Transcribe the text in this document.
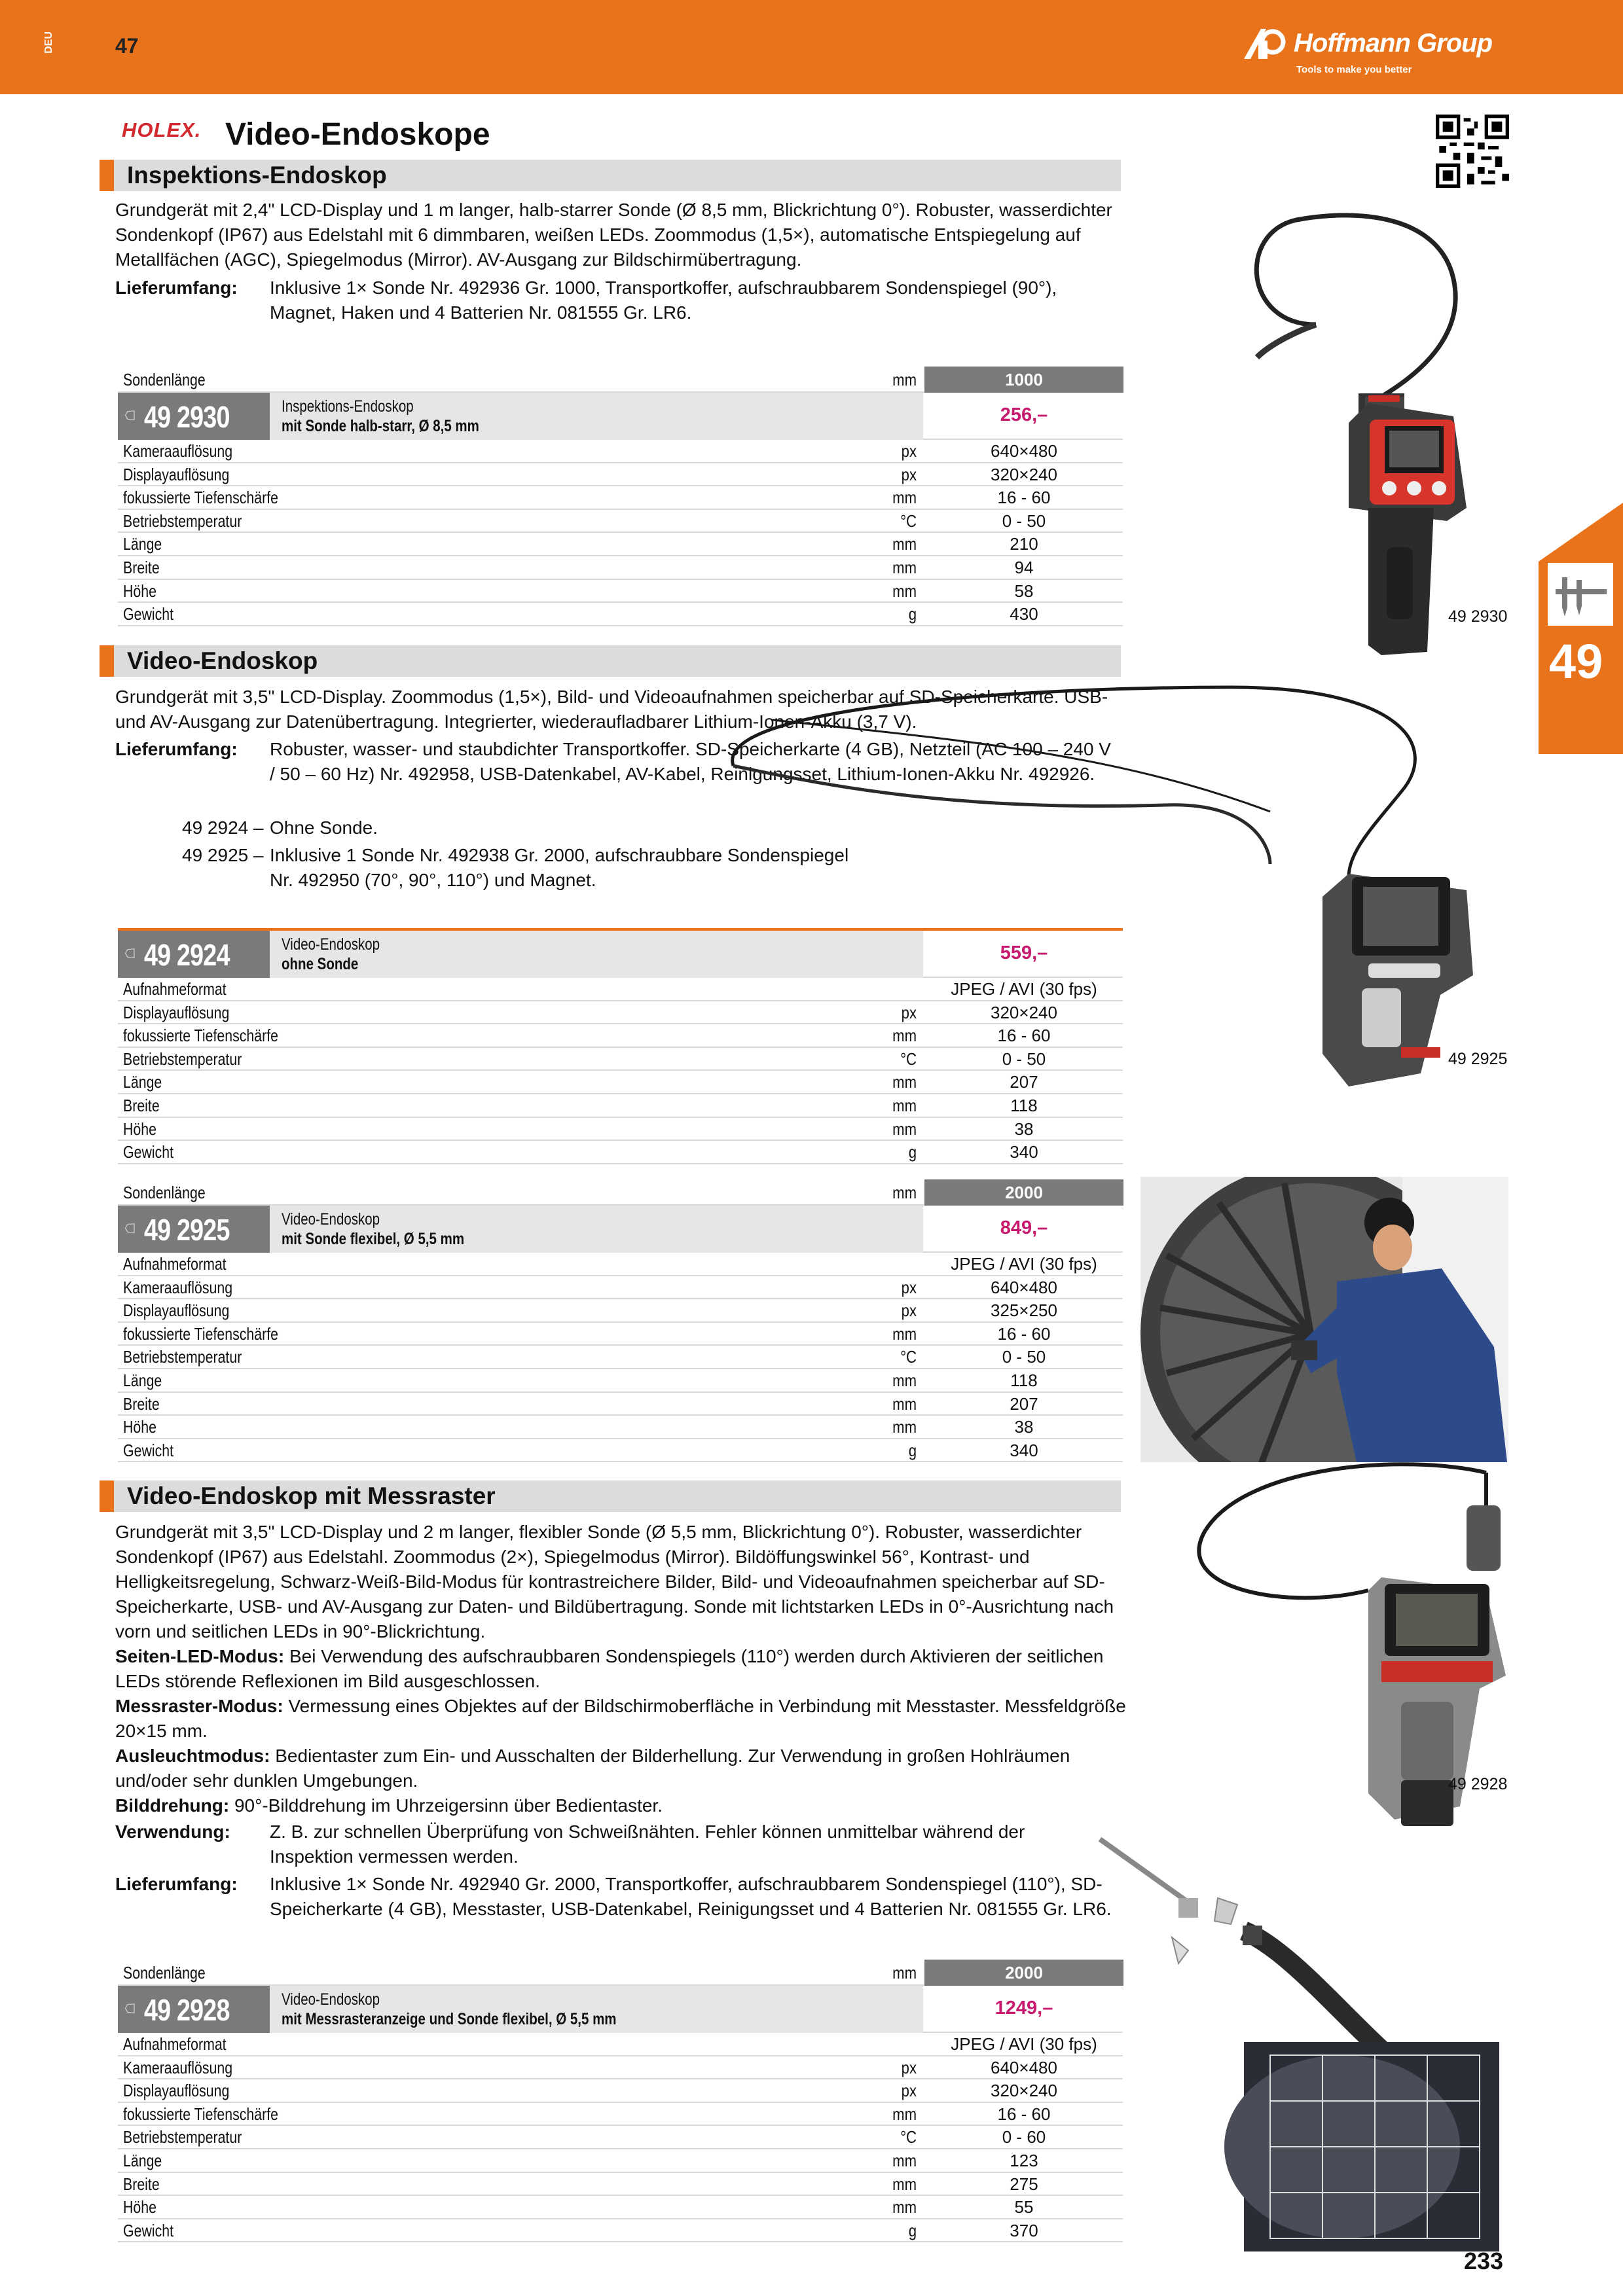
DEU	47	Hoffmann Group
Tools to make you better
HOLEX. Video-Endoskope
Inspektions-Endoskop
Grundgerät mit 2,4" LCD-Display und 1 m langer, halb-starrer Sonde (Ø 8,5 mm, Blickrichtung 0°). Robuster, wasserdichter Sondenkopf (IP67) aus Edelstahl mit 6 dimmbaren, weißen LEDs. Zoommodus (1,5×), automatische Entspiegelung auf Metallfächen (AGC), Spiegelmodus (Mirror). AV-Ausgang zur Bildschirmübertragung.
Lieferumfang: Inklusive 1× Sonde Nr. 492936 Gr. 1000, Transportkoffer, aufschraubbarem Sondenspiegel (90°), Magnet, Haken und 4 Batterien Nr. 081555 Gr. LR6.
Sondenlänge	mm	1000
☖ 49 2930	Inspektions-Endoskop
mit Sonde halb-starr, Ø 8,5 mm
256,–
Kameraauflösung	px	640×480
Displayauflösung	px	320×240
fokussierte Tiefenschärfe	mm	16 - 60
Betriebstemperatur	°C	0 - 50
Länge	mm	210
Breite	mm	94
Höhe	mm	58
Gewicht	g	430
Video-Endoskop
Grundgerät mit 3,5" LCD-Display. Zoommodus (1,5×), Bild- und Videoaufnahmen speicherbar auf SD-Speicherkarte. USB- und AV-Ausgang zur Datenübertragung. Integrierter, wiederaufladbarer Lithium-Ionen-Akku (3,7 V).
Lieferumfang: Robuster, wasser- und staubdichter Transportkoffer. SD-Speicherkarte (4 GB), Netzteil (AC 100 – 240 V / 50 – 60 Hz) Nr. 492958, USB-Datenkabel, AV-Kabel, Reinigungsset, Lithium-Ionen-Akku Nr. 492926.
49 2924 – Ohne Sonde.
49 2925 – Inklusive 1 Sonde Nr. 492938 Gr. 2000, aufschraubbare Sondenspiegel Nr. 492950 (70°, 90°, 110°) und Magnet.
☖ 49 2924	Video-Endoskop
ohne Sonde
559,–
Aufnahmeformat	JPEG / AVI (30 fps)
Displayauflösung	px	320×240
fokussierte Tiefenschärfe	mm	16 - 60
Betriebstemperatur	°C	0 - 50
Länge	mm	207
Breite	mm	118
Höhe	mm	38
Gewicht	g	340
Sondenlänge	mm	2000
☖ 49 2925	Video-Endoskop
mit Sonde flexibel, Ø 5,5 mm
849,–
Aufnahmeformat	JPEG / AVI (30 fps)
Kameraauflösung	px	640×480
Displayauflösung	px	325×250
fokussierte Tiefenschärfe	mm	16 - 60
Betriebstemperatur	°C	0 - 50
Länge	mm	118
Breite	mm	207
Höhe	mm	38
Gewicht	g	340
Video-Endoskop mit Messraster
Grundgerät mit 3,5" LCD-Display und 2 m langer, flexibler Sonde (Ø 5,5 mm, Blickrichtung 0°). Robuster, wasserdichter Sondenkopf (IP67) aus Edelstahl. Zoommodus (2×), Spiegelmodus (Mirror). Bildöffungswinkel 56°, Kontrast- und Helligkeitsregelung, Schwarz-Weiß-Bild-Modus für kontrastreichere Bilder, Bild- und Videoaufnahmen speicherbar auf SD-Speicherkarte, USB- und AV-Ausgang zur Daten- und Bildübertragung. Sonde mit lichtstarken LEDs in 0°-Ausrichtung nach vorn und seitlichen LEDs in 90°-Blickrichtung.
Seiten-LED-Modus: Bei Verwendung des aufschraubbaren Sondenspiegels (110°) werden durch Aktivieren der seitlichen LEDs störende Reflexionen im Bild ausgeschlossen.
Messraster-Modus: Vermessung eines Objektes auf der Bildschirmoberfläche in Verbindung mit Messtaster. Messfeldgröße 20×15 mm.
Ausleuchtmodus: Bedientaster zum Ein- und Ausschalten der Bilderhellung. Zur Verwendung in großen Hohlräumen und/oder sehr dunklen Umgebungen.
Bilddrehung: 90°-Bilddrehung im Uhrzeigersinn über Bedientaster.
Verwendung: Z. B. zur schnellen Überprüfung von Schweißnähten. Fehler können unmittelbar während der Inspektion vermessen werden.
Lieferumfang: Inklusive 1× Sonde Nr. 492940 Gr. 2000, Transportkoffer, aufschraubbarem Sondenspiegel (110°), SD-Speicherkarte (4 GB), Messtaster, USB-Datenkabel, Reinigungsset und 4 Batterien Nr. 081555 Gr. LR6.
Sondenlänge	mm	2000
☖ 49 2928	Video-Endoskop
mit Messrasteranzeige und Sonde flexibel, Ø 5,5 mm
1249,–
Aufnahmeformat	JPEG / AVI (30 fps)
Kameraauflösung	px	640×480
Displayauflösung	px	320×240
fokussierte Tiefenschärfe	mm	16 - 60
Betriebstemperatur	°C	0 - 60
Länge	mm	123
Breite	mm	275
Höhe	mm	55
Gewicht	g	370
49
49 2930
49 2925
49 2928
233
